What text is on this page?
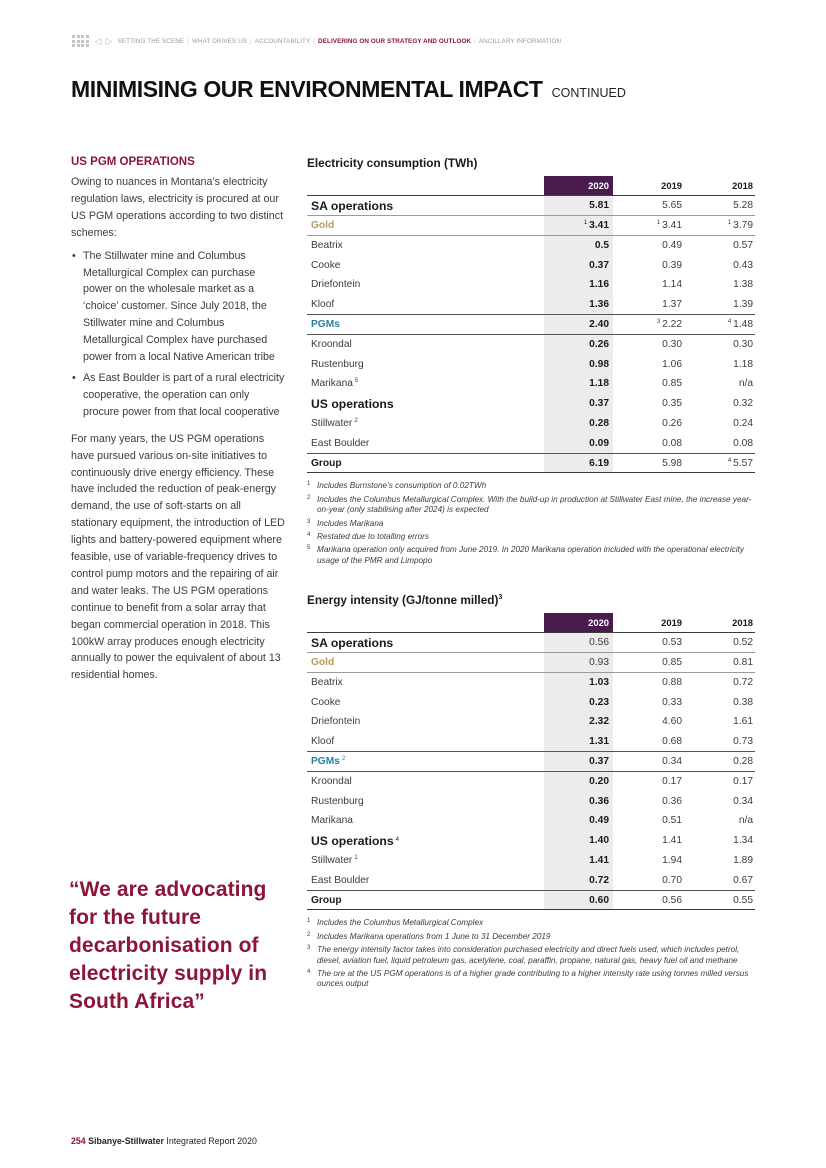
◁ ▷ SETTING THE SCENE | WHAT DRIVES US | ACCOUNTABILITY | DELIVERING ON OUR STRATEGY AND OUTLOOK | ANCILLARY INFORMATION
MINIMISING OUR ENVIRONMENTAL IMPACT CONTINUED
US PGM OPERATIONS

Owing to nuances in Montana’s electricity regulation laws, electricity is procured at our US PGM operations according to two distinct schemes:

• The Stillwater mine and Columbus Metallurgical Complex can purchase power on the wholesale market as a ‘choice’ customer. Since July 2018, the Stillwater mine and Columbus Metallurgical Complex have purchased power from a local Native American tribe
• As East Boulder is part of a rural electricity cooperative, the operation can only procure power from that local cooperative

For many years, the US PGM operations have pursued various on-site initiatives to continuously drive energy efficiency. These have included the reduction of peak-energy demand, the use of soft-starts on all stationary equipment, the introduction of LED lights and battery-powered equipment where feasible, use of variable-frequency drives to control pump motors and the repairing of air and water leaks. The US PGM operations continue to benefit from a solar array that began commercial operation in 2018. This 100kW array produces enough electricity annually to power the equivalent of about 13 residential homes.

“We are advocating for the future decarbonisation of electricity supply in South Africa”
Electricity consumption (TWh)
	2020	2019	2018
SA operations	5.81	5.65	5.28
Gold	$^1$ 3.41	$^1$ 3.41	$^1$ 3.79
Beatrix	0.5	0.49	0.57
Cooke	0.37	0.39	0.43
Driefontein	1.16	1.14	1.38
Kloof	1.36	1.37	1.39
PGMs	2.40	$^3$ 2.22	$^4$ 1.48
Kroondal	0.26	0.30	0.30
Rustenburg	0.98	1.06	1.18
Marikana $^5$	1.18	0.85	n/a
US operations	0.37	0.35	0.32
Stillwater $^2$	0.28	0.26	0.24
East Boulder	0.09	0.08	0.08
Group	6.19	5.98	$^4$ 5.57
1 Includes Burnstone’s consumption of 0.02TWh
2 Includes the Columbus Metallurgical Complex. With the build-up in production at Stillwater East mine, the increase year-on-year (only stabilising after 2024) is expected
3 Includes Marikana
4 Restated due to totalling errors
5 Marikana operation only acquired from June 2019. In 2020 Marikana operation included with the operational electricity usage of the PMR and Limpopo
Energy intensity (GJ/tonne milled)$^3$
	2020	2019	2018
SA operations	0.56	0.53	0.52
Gold	0.93	0.85	0.81
Beatrix	1.03	0.88	0.72
Cooke	0.23	0.33	0.38
Driefontein	2.32	4.60	1.61
Kloof	1.31	0.68	0.73
PGMs $^2$	0.37	0.34	0.28
Kroondal	0.20	0.17	0.17
Rustenburg	0.36	0.36	0.34
Marikana	0.49	0.51	n/a
US operations $^4$	1.40	1.41	1.34
Stillwater $^1$	1.41	1.94	1.89
East Boulder	0.72	0.70	0.67
Group	0.60	0.56	0.55
1 Includes the Columbus Metallurgical Complex
2 Includes Marikana operations from 1 June to 31 December 2019
3 The energy intensity factor takes into consideration purchased electricity and direct fuels used, which includes petrol, diesel, aviation fuel, liquid petroleum gas, acetylene, coal, paraffin, propane, natural gas, heavy fuel oil and methane
4 The ore at the US PGM operations is of a higher grade contributing to a higher intensity rate using tonnes milled versus ounces output
254 Sibanye-Stillwater Integrated Report 2020
